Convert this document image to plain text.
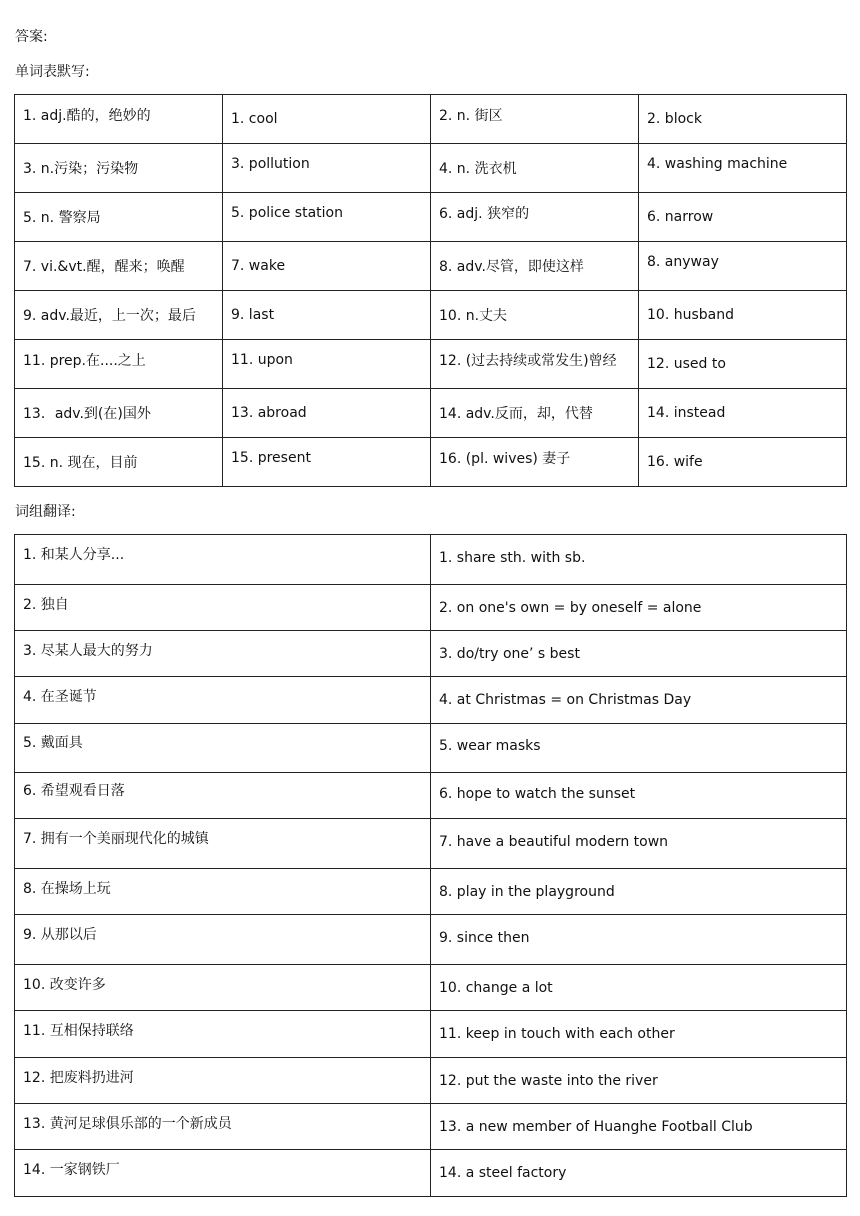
答案:
单词表默写:
1. adj.酷的，绝妙的	1. cool	2. n. 街区	2. block
3. n.污染；污染物	3. pollution	4. n. 洗衣机	4. washing machine
5. n. 警察局	5. police station	6. adj. 狭窄的	6. narrow
7. vi.&vt.醒，醒来；唤醒	7. wake	8. adv.尽管，即使这样	8. anyway
9. adv.最近，上一次；最后	9. last	10. n.丈夫	10. husband
11. prep.在....之上	11. upon	12. (过去持续或常发生)曾经	12. used to
13．adv.到(在)国外	13. abroad	14. adv.反而，却，代替	14. instead
15. n. 现在，目前	15. present	16. (pl. wives) 妻子	16. wife
词组翻译:
1. 和某人分享...	1. share sth. with sb.
2. 独自	2. on one's own = by oneself = alone
3. 尽某人最大的努力	3. do/try one’ s best
4. 在圣诞节	4. at Christmas = on Christmas Day
5. 戴面具	5. wear masks
6. 希望观看日落	6. hope to watch the sunset
7. 拥有一个美丽现代化的城镇	7. have a beautiful modern town
8. 在操场上玩	8. play in the playground
9. 从那以后	9. since then
10. 改变许多	10. change a lot
11. 互相保持联络	11. keep in touch with each other
12. 把废料扔进河	12. put the waste into the river
13. 黄河足球俱乐部的一个新成员	13. a new member of Huanghe Football Club
14. 一家钢铁厂	14. a steel factory
